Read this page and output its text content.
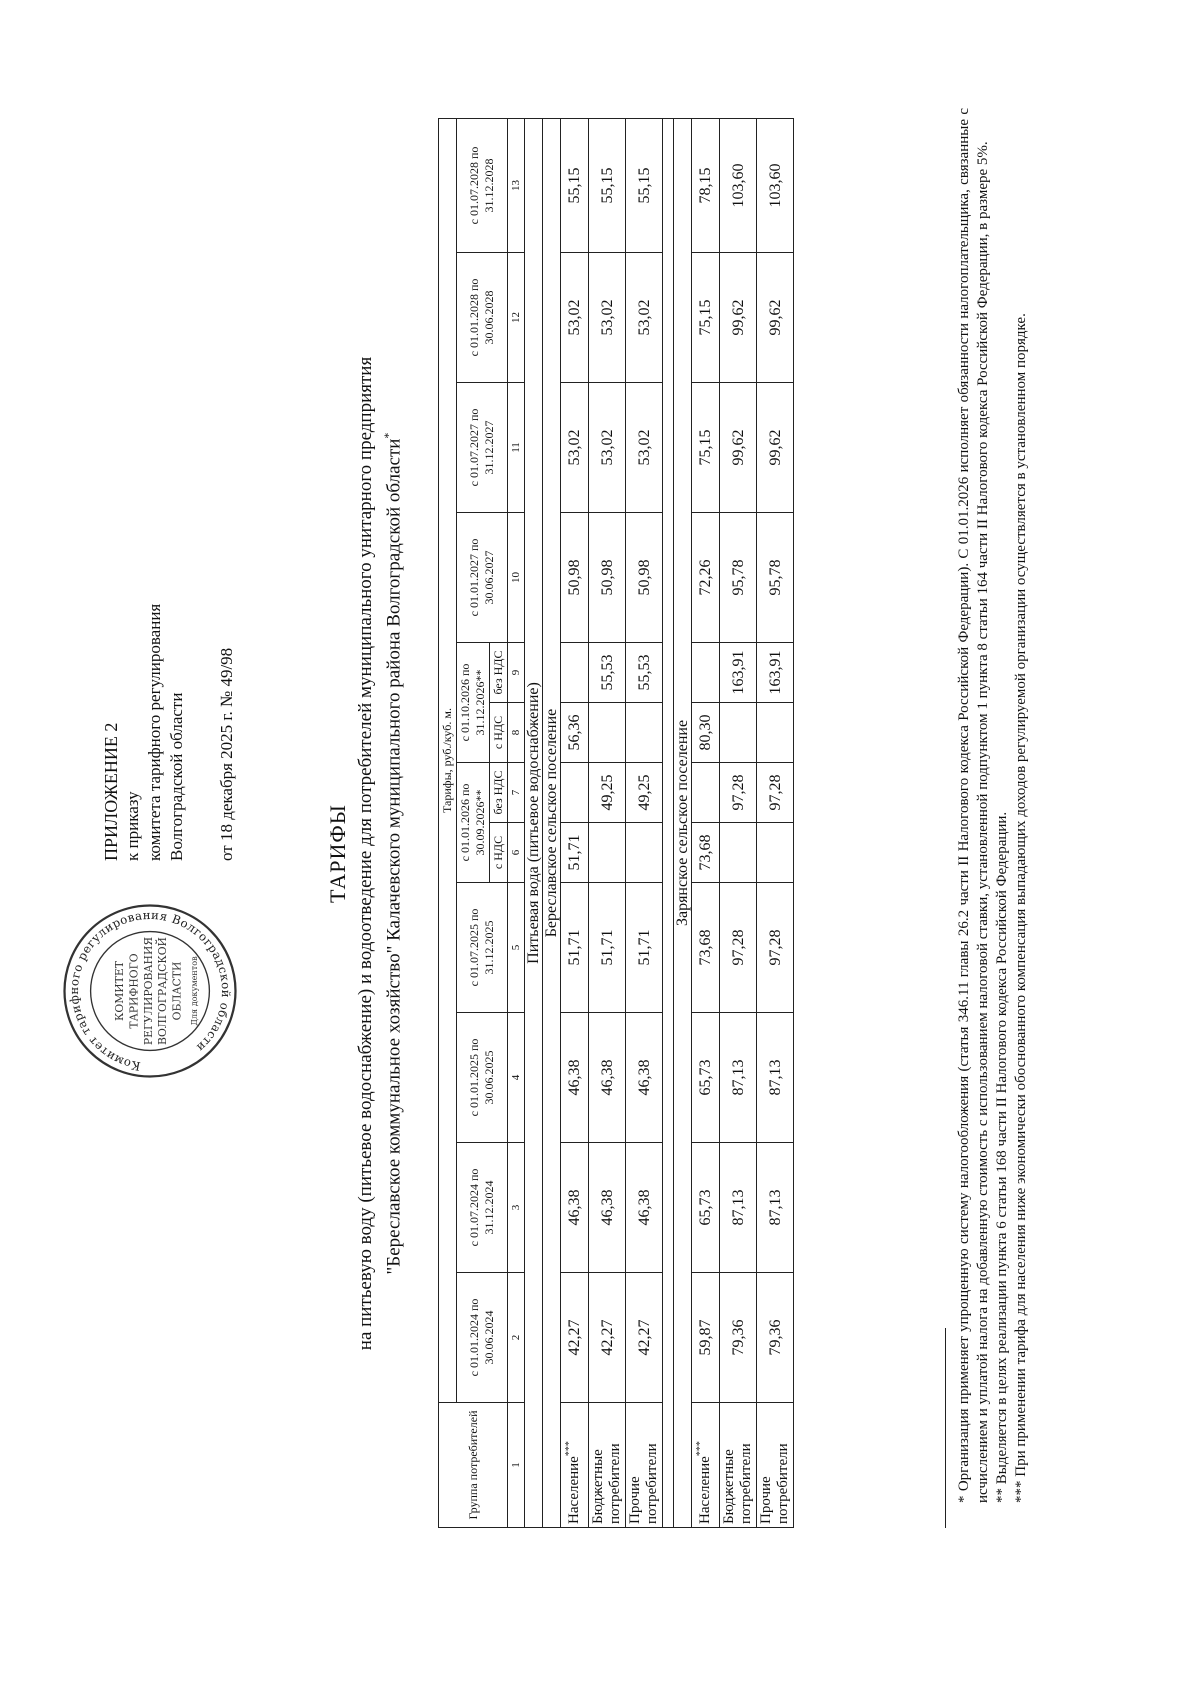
Комитет тарифного регулирования Волгоградской области
КОМИТЕТ ТАРИФНОГО РЕГУЛИРОВАНИЯ ВОЛГОГРАДСКОЙ ОБЛАСТИ Для документов
ПРИЛОЖЕНИЕ 2 к приказу комитета тарифного регулирования Волгоградской области от 18 декабря 2025 г. № 49/98	ТАРИФЫ на питьевую воду (питьевое водоснабжение) и водоотведение для потребителей муниципального унитарного предприятия "Береславское коммунальное хозяйство" Калачевского муниципального района Волгоградской области*
Группа потребителей	Тарифы, руб./куб. м.											
	с 01.01.2024 по 30.06.2024	с 01.07.2024 по 31.12.2024	с 01.01.2025 по 30.06.2025	с 01.07.2025 по 31.12.2025	с 01.01.2026 по 30.09.2026**		с 01.10.2026 по 31.12.2026**		с 01.01.2027 по 30.06.2027	с 01.07.2027 по 31.12.2027	с 01.01.2028 по 30.06.2028	с 01.07.2028 по 31.12.2028
					с НДС	без НДС	с НДС	без НДС				
1	2	3	4	5	6	7	8	9	10	11	12	13
Питьевая вода (питьевое водоснабжение)												
Береславское сельское поселение												
Население***	42,27	46,38	46,38	51,71	51,71		56,36		50,98	53,02	53,02	55,15
Бюджетные потребители	42,27	46,38	46,38	51,71		49,25		55,53	50,98	53,02	53,02	55,15
Прочие потребители	42,27	46,38	46,38	51,71		49,25		55,53	50,98	53,02	53,02	55,15

Зарянское сельское поселение												
Население***	59,87	65,73	65,73	73,68	73,68		80,30		72,26	75,15	75,15	78,15
Бюджетные потребители	79,36	87,13	87,13	97,28		97,28		163,91	95,78	99,62	99,62	103,60
Прочие потребители	79,36	87,13	87,13	97,28		97,28		163,91	95,78	99,62	99,62	103,60	* Организация применяет упрощенную систему налогообложения (статья 346.11 главы 26.2 части II Налогового кодекса Российской Федерации). С 01.01.2026 исполняет обязанности налогоплательщика, связанные с исчислением и уплатой налога на добавленную стоимость с использованием налоговой ставки, установленной подпунктом 1 пункта 8 статьи 164 части II Налогового кодекса Российской Федерации, в размере 5%. ** Выделяется в целях реализации пункта 6 статьи 168 части II Налогового кодекса Российской Федерации. *** При применении тарифа для населения ниже экономически обоснованного компенсация выпадающих доходов регулируемой организации осуществляется в установленном порядке.
